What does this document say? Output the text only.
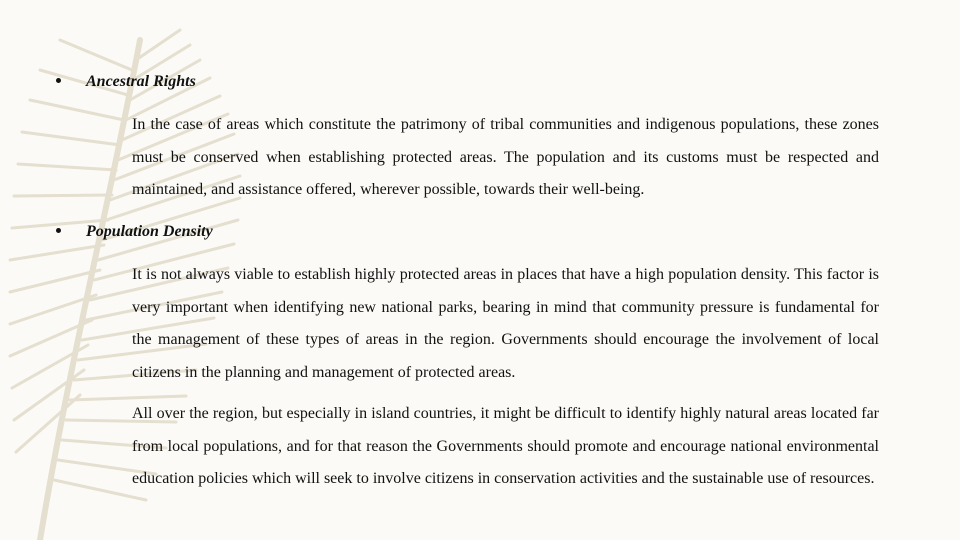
Ancestral Rights
In the case of areas which constitute the patrimony of tribal communities and indigenous populations, these zones must be conserved when establishing protected areas. The population and its customs must be respected and maintained, and assistance offered, wherever possible, towards their well-being.
Population Density
It is not always viable to establish highly protected areas in places that have a high population density. This factor is very important when identifying new national parks, bearing in mind that community pressure is fundamental for the management of these types of areas in the region. Governments should encourage the involvement of local citizens in the planning and management of protected areas.
All over the region, but especially in island countries, it might be difficult to identify highly natural areas located far from local populations, and for that reason the Governments should promote and encourage national environmental education policies which will seek to involve citizens in conservation activities and the sustainable use of resources.
